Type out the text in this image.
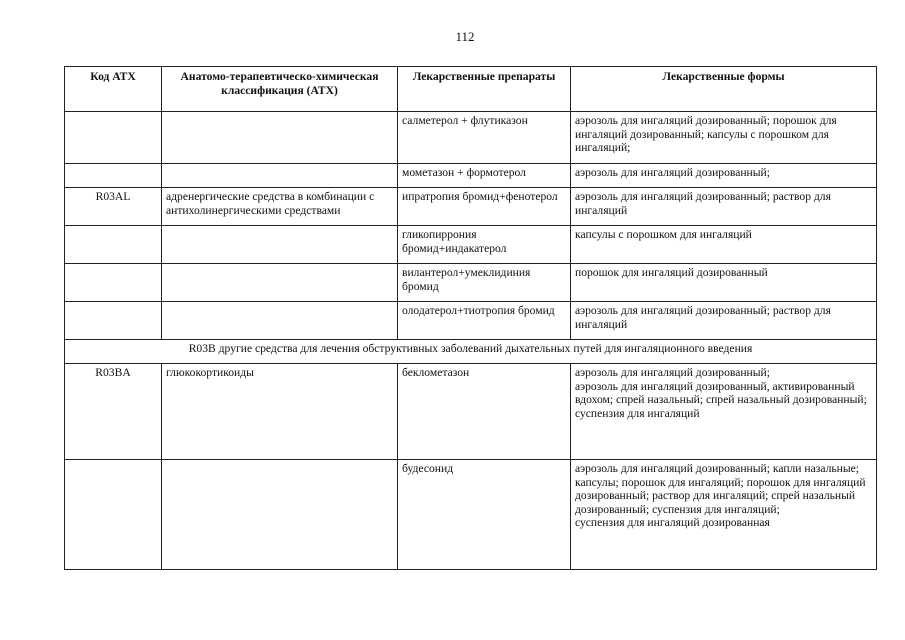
112
Код АТХ	Анатомо-терапевтическо-химическая классификация (АТХ)	Лекарственные препараты	Лекарственные формы
		салметерол + флутиказон	аэрозоль для ингаляций дозированный; порошок для ингаляций дозированный; капсулы с порошком для ингаляций;

		мометазон + формотерол	аэрозоль для ингаляций дозированный;

R03AL	адренергические средства в комбинации с антихолинергическими средствами	ипратропия бромид+фенотерол	аэрозоль для ингаляций дозированный; раствор для ингаляций

		гликопиррония бромид+индакатерол	капсулы с порошком для ингаляций

		вилантерол+умеклидиния бромид	порошок для ингаляций дозированный

		олодатерол+тиотропия бромид	аэрозоль для ингаляций дозированный; раствор для ингаляций

R03B другие средства для лечения обструктивных заболеваний дыхательных путей для ингаляционного введения			
R03BA	глюкокортикоиды	беклометазон	аэрозоль для ингаляций дозированный;
аэрозоль для ингаляций дозированный, активированный
вдохом; спрей назальный; спрей назальный дозированный;
суспензия для ингаляций

		будесонид	аэрозоль для ингаляций дозированный; капли назальные;
капсулы; порошок для ингаляций; порошок для ингаляций
дозированный; раствор для ингаляций; спрей назальный дозированный; суспензия для ингаляций;
суспензия для ингаляций дозированная
